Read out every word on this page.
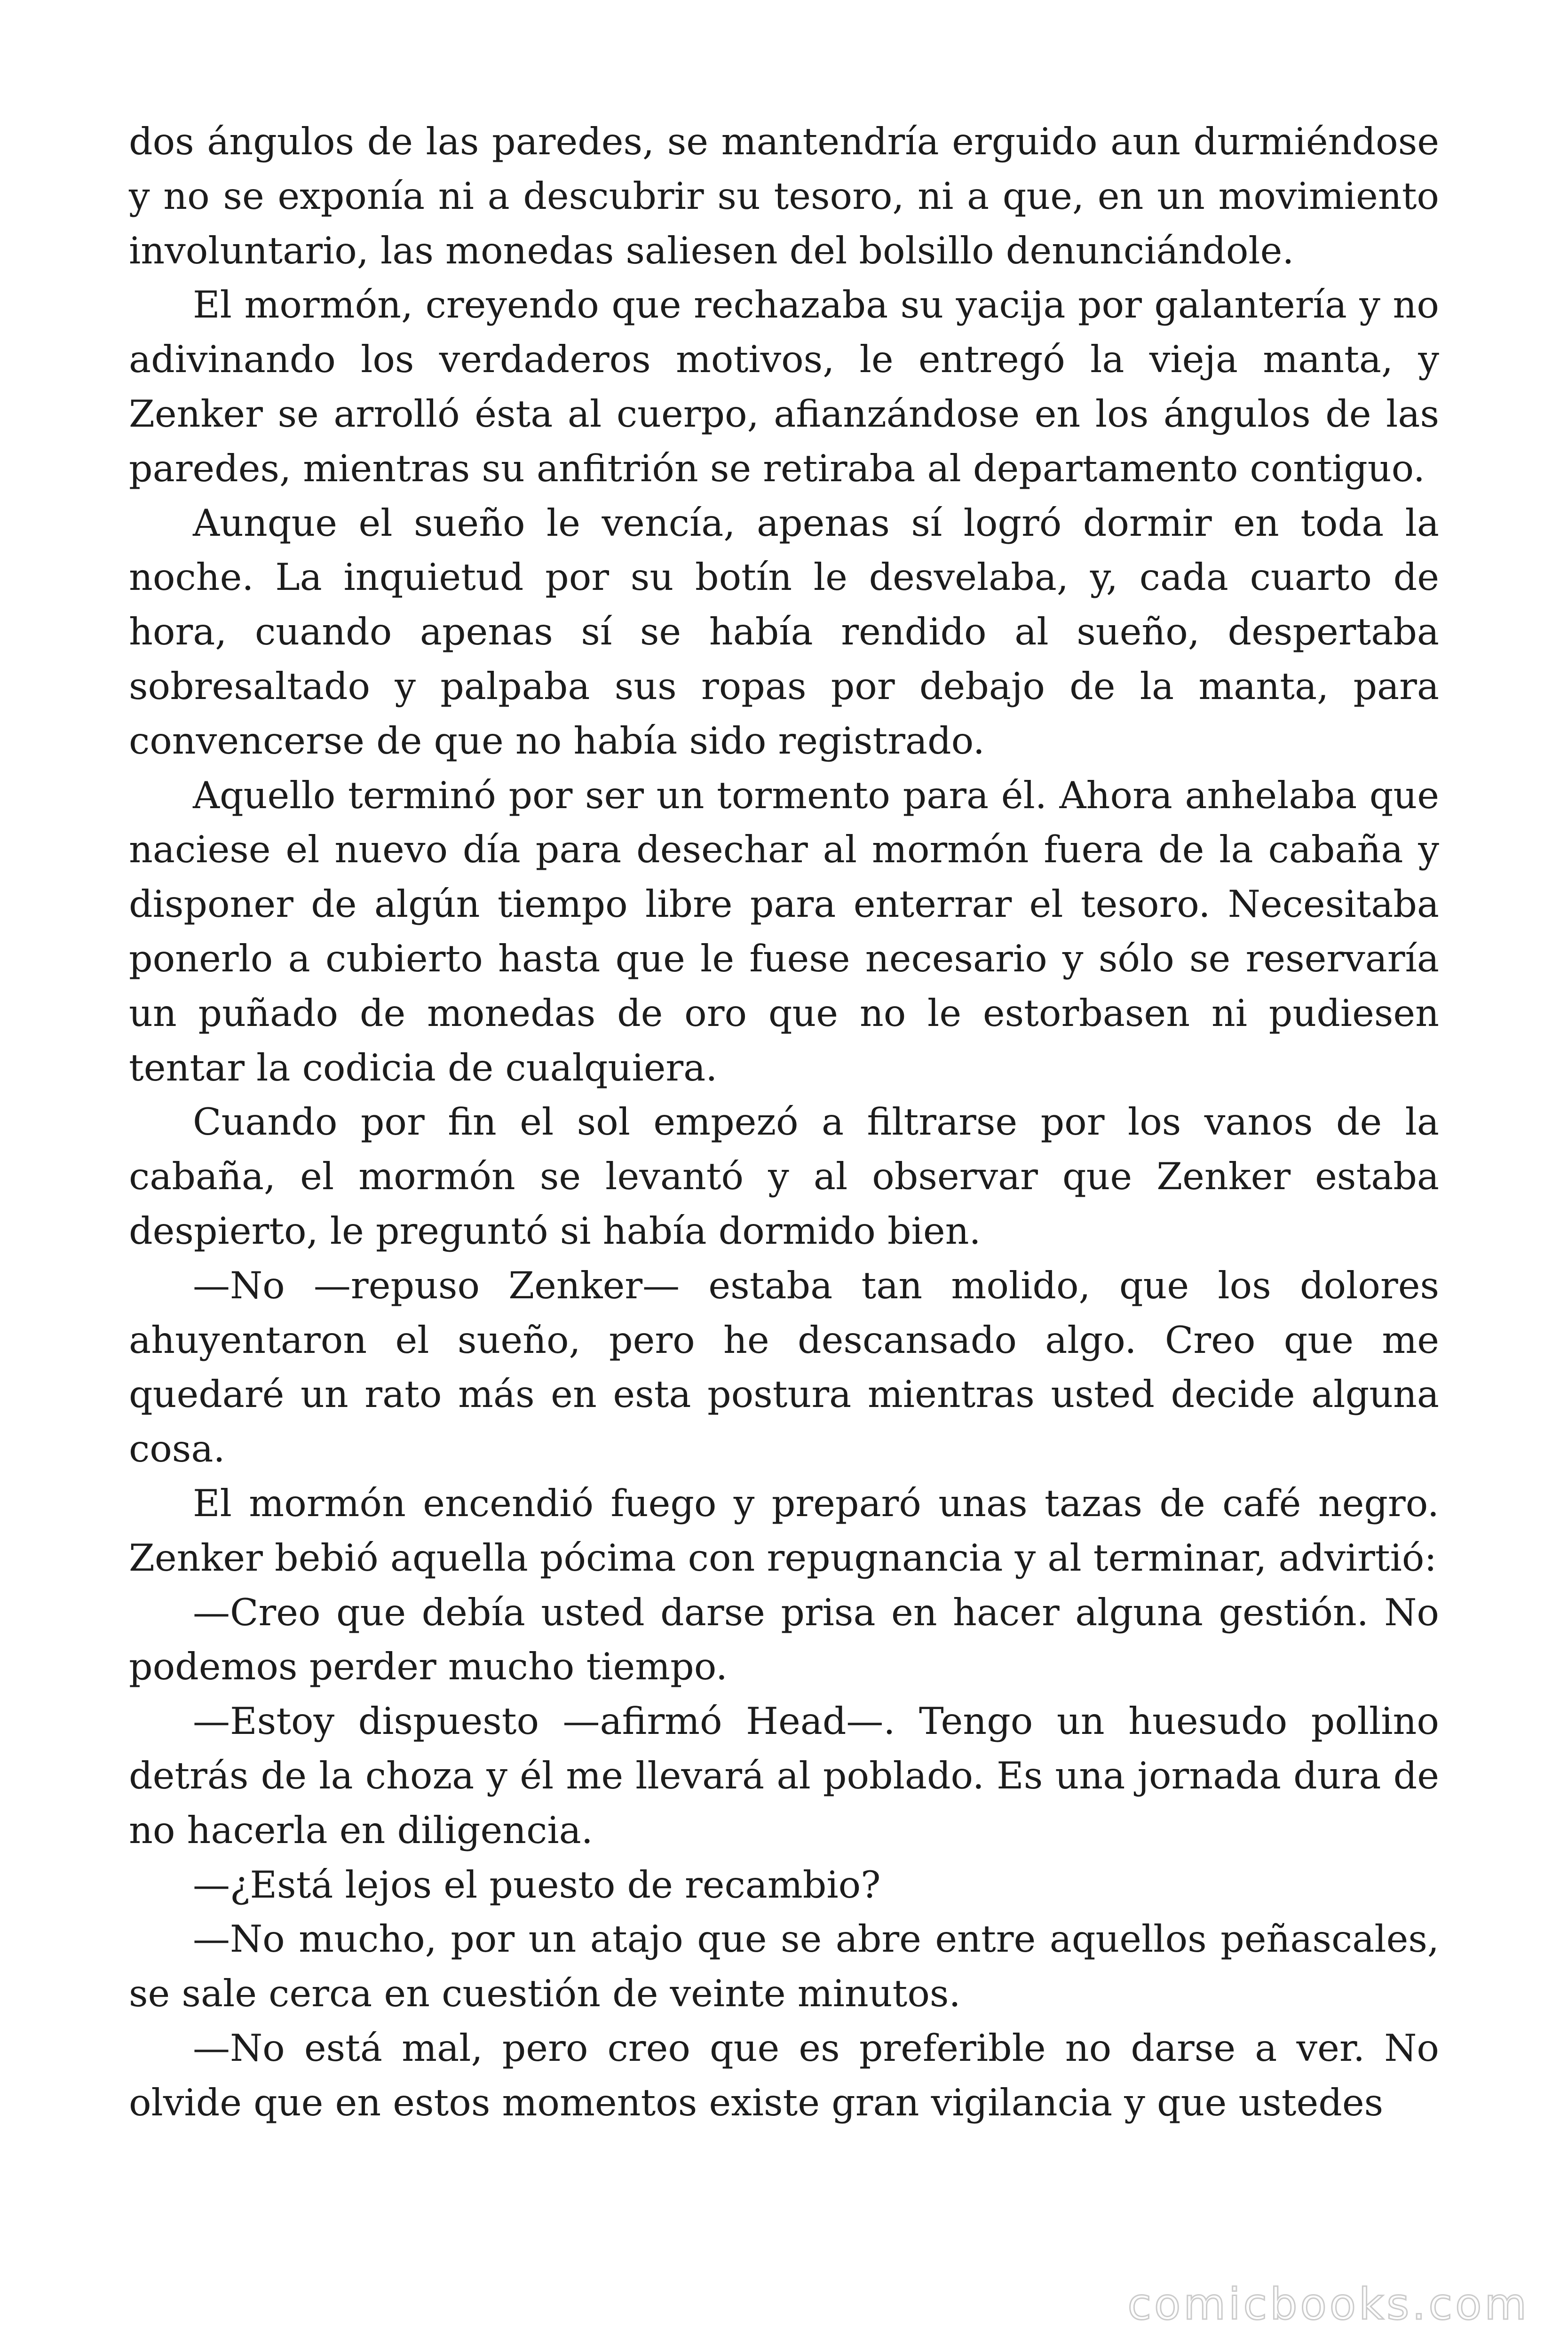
dos ángulos de las paredes, se mantendría erguido aun durmiéndose y no se exponía ni a descubrir su tesoro, ni a que, en un movimiento involuntario, las monedas saliesen del bolsillo denunciándole.

El mormón, creyendo que rechazaba su yacija por galantería y no adivinando los verdaderos motivos, le entregó la vieja manta, y Zenker se arrolló ésta al cuerpo, afianzándose en los ángulos de las paredes, mientras su anfitrión se retiraba al departamento contiguo.

Aunque el sueño le vencía, apenas sí logró dormir en toda la noche. La inquietud por su botín le desvelaba, y, cada cuarto de hora, cuando apenas sí se había rendido al sueño, despertaba sobresaltado y palpaba sus ropas por debajo de la manta, para convencerse de que no había sido registrado.

Aquello terminó por ser un tormento para él. Ahora anhelaba que naciese el nuevo día para desechar al mormón fuera de la cabaña y disponer de algún tiempo libre para enterrar el tesoro. Necesitaba ponerlo a cubierto hasta que le fuese necesario y sólo se reservaría un puñado de monedas de oro que no le estorbasen ni pudiesen tentar la codicia de cualquiera.

Cuando por fin el sol empezó a filtrarse por los vanos de la cabaña, el mormón se levantó y al observar que Zenker estaba despierto, le preguntó si había dormido bien.

—No —repuso Zenker— estaba tan molido, que los dolores ahuyentaron el sueño, pero he descansado algo. Creo que me quedaré un rato más en esta postura mientras usted decide alguna cosa.

El mormón encendió fuego y preparó unas tazas de café negro. Zenker bebió aquella pócima con repugnancia y al terminar, advirtió:

—Creo que debía usted darse prisa en hacer alguna gestión. No podemos perder mucho tiempo.

—Estoy dispuesto —afirmó Head—. Tengo un huesudo pollino detrás de la choza y él me llevará al poblado. Es una jornada dura de no hacerla en diligencia.

—¿Está lejos el puesto de recambio?

—No mucho, por un atajo que se abre entre aquellos peñascales, se sale cerca en cuestión de veinte minutos.

—No está mal, pero creo que es preferible no darse a ver. No olvide que en estos momentos existe gran vigilancia y que ustedes

comicbooks.com
